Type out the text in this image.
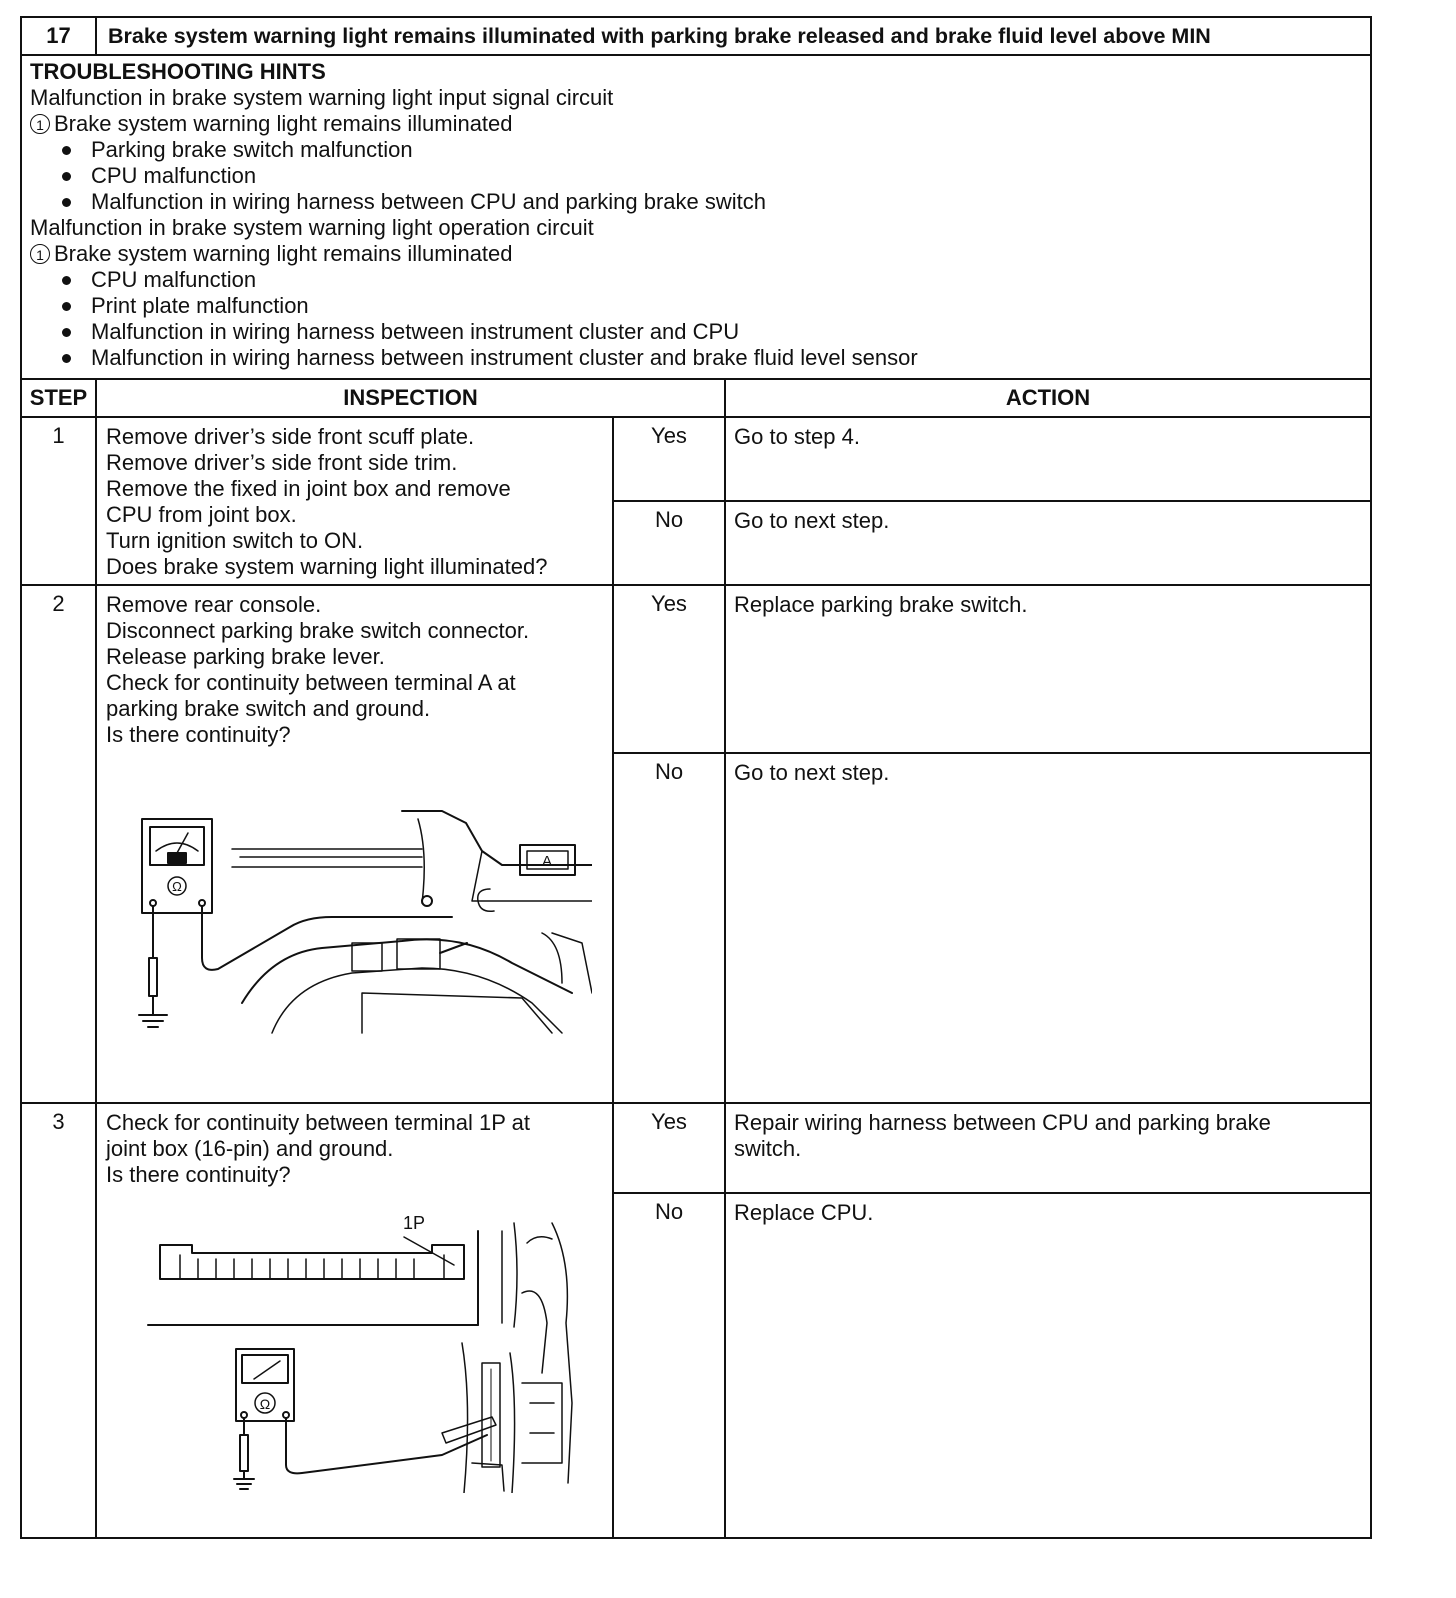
17	Brake system warning light remains illuminated with parking brake released and brake fluid level above MIN
TROUBLESHOOTING HINTS
Malfunction in brake system warning light input signal circuit
1 Brake system warning light remains illuminated
Parking brake switch malfunction
CPU malfunction
Malfunction in wiring harness between CPU and parking brake switch
Malfunction in brake system warning light operation circuit
1 Brake system warning light remains illuminated
CPU malfunction
Print plate malfunction
Malfunction in wiring harness between instrument cluster and CPU
Malfunction in wiring harness between instrument cluster and brake fluid level sensor
STEP	INSPECTION	ACTION
1	Remove driver’s side front scuff plate.
Remove driver’s side front side trim.
Remove the fixed in joint box and remove
CPU from joint box.
Turn ignition switch to ON.
Does brake system warning light illuminated?
Yes	Go to step 4.
No	Go to next step.
2	Remove rear console.
Disconnect parking brake switch connector.
Release parking brake lever.
Check for continuity between terminal A at
parking brake switch and ground.
Is there continuity?
Yes	Replace parking brake switch.
No	Go to next step.
Ω
A
3	Check for continuity between terminal 1P at
joint box (16-pin) and ground.
Is there continuity?
Yes	Repair wiring harness between CPU and parking brake
switch.
No	Replace CPU.
1P
Ω
